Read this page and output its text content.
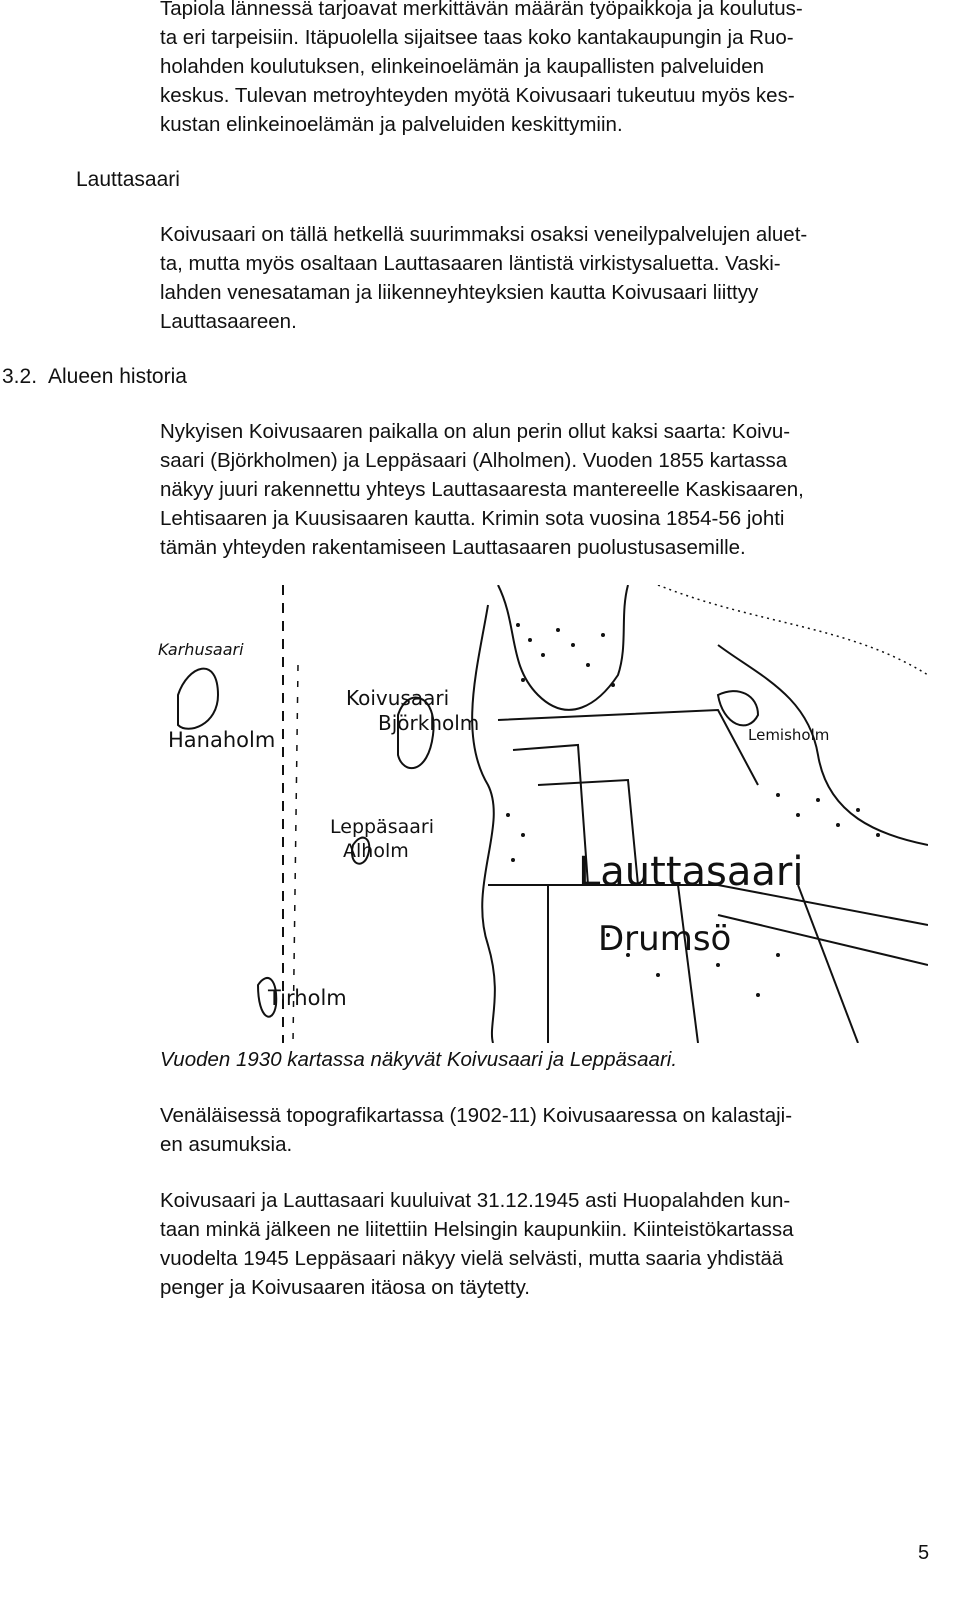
Lauttasaari

3.2. Alueen historia

Tapiola lännessä tarjoavat merkittävän määrän työpaikkoja ja koulutus-
ta eri tarpeisiin. Itäpuolella sijaitsee taas koko kantakaupungin ja Ruo-
holahden koulutuksen, elinkeinoelämän ja kaupallisten palveluiden
keskus. Tulevan metroyhteyden myötä Koivusaari tukeutuu myös kes-
kustan elinkeinoelämän ja palveluiden keskittymiin.
Koivusaari on tällä hetkellä suurimmaksi osaksi veneilypalvelujen aluet-
ta, mutta myös osaltaan Lauttasaaren läntistä virkistysaluetta. Vaski-
lahden venesataman ja liikenneyhteyksien kautta Koivusaari liittyy
Lauttasaareen.
Nykyisen Koivusaaren paikalla on alun perin ollut kaksi saarta: Koivu-
saari (Björkholmen) ja Leppäsaari (Alholmen). Vuoden 1855 kartassa
näkyy juuri rakennettu yhteys Lauttasaaresta mantereelle Kaskisaaren,
Lehtisaaren ja Kuusisaaren kautta. Krimin sota vuosina 1854-56 johti
tämän yhteyden rakentamiseen Lauttasaaren puolustusasemille.
Karhusaari
Hanaholm
Koivusaari
Björkholm
Leppäsaari
Alholm
Tirholm
Lemisholm
Lauttasaari
Drumsö

Vuoden 1930 kartassa näkyvät Koivusaari ja Leppäsaari.

Venäläisessä topografikartassa (1902-11) Koivusaaressa on kalastaji-
en asumuksia.
Koivusaari ja Lauttasaari kuuluivat 31.12.1945 asti Huopalahden kun-
taan minkä jälkeen ne liitettiin Helsingin kaupunkiin. Kiinteistökartassa
vuodelta 1945 Leppäsaari näkyy vielä selvästi, mutta saaria yhdistää
penger ja Koivusaaren itäosa on täytetty.

5
